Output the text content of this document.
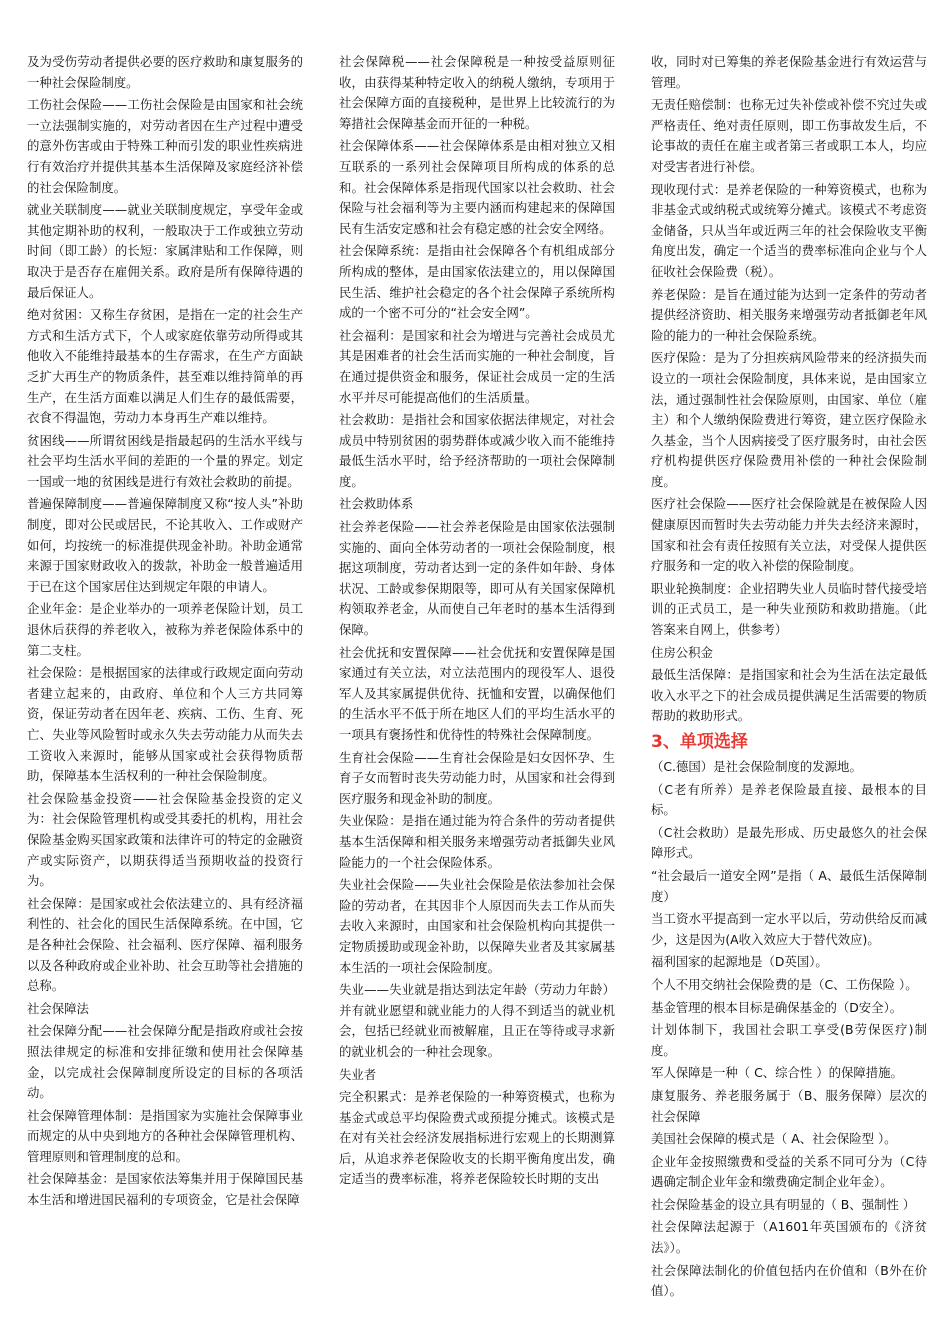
及为受伤劳动者提供必要的医疗救助和康复服务的一种社会保险制度。

工伤社会保险——工伤社会保险是由国家和社会统一立法强制实施的，对劳动者因在生产过程中遭受的意外伤害或由于特殊工种而引发的职业性疾病进行有效治疗并提供其基本生活保障及家庭经济补偿的社会保险制度。

就业关联制度——就业关联制度规定，享受年金或其他定期补助的权利，一般取决于工作或独立劳动时间（即工龄）的长短：家属津贴和工作保障，则取决于是否存在雇佣关系。政府是所有保障待遇的最后保证人。

绝对贫困：又称生存贫困，是指在一定的社会生产方式和生活方式下，个人或家庭依靠劳动所得或其他收入不能维持最基本的生存需求，在生产方面缺乏扩大再生产的物质条件，甚至难以维持简单的再生产，在生活方面难以满足人们生存的最低需要，衣食不得温饱，劳动力本身再生产难以维持。

贫困线——所谓贫困线是指最起码的生活水平线与社会平均生活水平间的差距的一个量的界定。划定一国或一地的贫困线是进行有效社会救助的前提。

普遍保障制度——普遍保障制度又称“按人头”补助制度，即对公民或居民，不论其收入、工作或财产如何，均按统一的标准提供现金补助。补助金通常来源于国家财政收入的拨款，补助金一般普遍适用于已在这个国家居住达到规定年限的申请人。

企业年金：是企业举办的一项养老保险计划，员工退休后获得的养老收入，被称为养老保险体系中的第二支柱。

社会保险：是根据国家的法律或行政规定面向劳动者建立起来的，由政府、单位和个人三方共同筹资，保证劳动者在因年老、疾病、工伤、生育、死亡、失业等风险暂时或永久失去劳动能力从而失去工资收入来源时，能够从国家或社会获得物质帮助，保障基本生活权利的一种社会保险制度。

社会保险基金投资——社会保险基金投资的定义为：社会保险管理机构或受其委托的机构，用社会保险基金购买国家政策和法律许可的特定的金融资产或实际资产，以期获得适当预期收益的投资行为。

社会保障：是国家或社会依法建立的、具有经济福利性的、社会化的国民生活保障系统。在中国，它是各种社会保险、社会福利、医疗保障、福利服务以及各种政府或企业补助、社会互助等社会措施的总称。

社会保障法

社会保障分配——社会保障分配是指政府或社会按照法律规定的标准和安排征缴和使用社会保障基金，以完成社会保障制度所设定的目标的各项活动。

社会保障管理体制：是指国家为实施社会保障事业而规定的从中央到地方的各种社会保障管理机构、管理原则和管理制度的总和。

社会保障基金：是国家依法筹集并用于保障国民基本生活和增进国民福利的专项资金，它是社会保障

社会保障税——社会保障税是一种按受益原则征收，由获得某种特定收入的纳税人缴纳，专项用于社会保障方面的直接税种，是世界上比较流行的为筹措社会保障基金而开征的一种税。

社会保障体系——社会保障体系是由相对独立又相互联系的一系列社会保障项目所构成的体系的总和。社会保障体系是指现代国家以社会救助、社会保险与社会福利等为主要内涵而构建起来的保障国民有生活安定感和社会有稳定感的社会安全网络。

社会保障系统：是指由社会保障各个有机组成部分所构成的整体，是由国家依法建立的，用以保障国民生活、维护社会稳定的各个社会保障子系统所构成的一个密不可分的“社会安全网”。

社会福利：是国家和社会为增进与完善社会成员尤其是困难者的社会生活而实施的一种社会制度，旨在通过提供资金和服务，保证社会成员一定的生活水平并尽可能提高他们的生活质量。

社会救助：是指社会和国家依据法律规定，对社会成员中特别贫困的弱势群体或减少收入而不能维持最低生活水平时，给予经济帮助的一项社会保障制度。

社会救助体系

社会养老保险——社会养老保险是由国家依法强制实施的、面向全体劳动者的一项社会保险制度，根据这项制度，劳动者达到一定的条件如年龄、身体状况、工龄或参保期限等，即可从有关国家保障机构领取养老金，从而使自己年老时的基本生活得到保障。

社会优抚和安置保障——社会优抚和安置保障是国家通过有关立法，对立法范围内的现役军人、退役军人及其家属提供优待、抚恤和安置，以确保他们的生活水平不低于所在地区人们的平均生活水平的一项具有褒扬性和优待性的特殊社会保障制度。

生育社会保险——生育社会保险是妇女因怀孕、生育子女而暂时丧失劳动能力时，从国家和社会得到医疗服务和现金补助的制度。

失业保险：是指在通过能为符合条件的劳动者提供基本生活保障和相关服务来增强劳动者抵御失业风险能力的一个社会保险体系。

失业社会保险——失业社会保险是依法参加社会保险的劳动者，在其因非个人原因而失去工作从而失去收入来源时，由国家和社会保险机构向其提供一定物质援助或现金补助，以保障失业者及其家属基本生活的一项社会保险制度。

失业——失业就是指达到法定年龄（劳动力年龄）并有就业愿望和就业能力的人得不到适当的就业机会，包括已经就业而被解雇，且正在等待或寻求新的就业机会的一种社会现象。

失业者

完全积累式：是养老保险的一种筹资模式，也称为基金式或总平均保险费式或预提分摊式。该模式是在对有关社会经济发展指标进行宏观上的长期测算后，从追求养老保险收支的长期平衡角度出发，确定适当的费率标准，将养老保险较长时期的支出

收，同时对已筹集的养老保险基金进行有效运营与管理。

无责任赔偿制：也称无过失补偿或补偿不究过失或严格责任、绝对责任原则，即工伤事故发生后，不论事故的责任在雇主或者第三者或职工本人，均应对受害者进行补偿。

现收现付式：是养老保险的一种筹资模式，也称为非基金式或纳税式或统筹分摊式。该模式不考虑资金储备，只从当年或近两三年的社会保险收支平衡角度出发，确定一个适当的费率标准向企业与个人征收社会保险费（税）。

养老保险：是旨在通过能为达到一定条件的劳动者提供经济资助、相关服务来增强劳动者抵御老年风险的能力的一种社会保险系统。

医疗保险：是为了分担疾病风险带来的经济损失而设立的一项社会保险制度，具体来说，是由国家立法，通过强制性社会保险原则，由国家、单位（雇主）和个人缴纳保险费进行筹资，建立医疗保险永久基金，当个人因病接受了医疗服务时，由社会医疗机构提供医疗保险费用补偿的一种社会保险制度。

医疗社会保险——医疗社会保险就是在被保险人因健康原因而暂时失去劳动能力并失去经济来源时，国家和社会有责任按照有关立法，对受保人提供医疗服务和一定的收入补偿的保险制度。

职业轮换制度：企业招聘失业人员临时替代接受培训的正式员工，是一种失业预防和救助措施。（此答案来自网上，供参考）

住房公积金

最低生活保障：是指国家和社会为生活在法定最低收入水平之下的社会成员提供满足生活需要的物质帮助的救助形式。

3、单项选择

（C.德国）是社会保险制度的发源地。

（C老有所养）是养老保险最直接、最根本的目标。

（C社会救助）是最先形成、历史最悠久的社会保障形式。

“社会最后一道安全网”是指（ A、最低生活保障制度）

当工资水平提高到一定水平以后，劳动供给反而减少，这是因为(A收入效应大于替代效应)。

福利国家的起源地是（D英国）。

个人不用交纳社会保险费的是（C、工伤保险 ）。

基金管理的根本目标是确保基金的（D安全）。

计划体制下，我国社会职工享受(B劳保医疗)制度。

军人保障是一种（ C、综合性 ）的保障措施。

康复服务、养老服务属于（B、服务保障）层次的社会保障

美国社会保障的模式是（ A、社会保险型 ）。

企业年金按照缴费和受益的关系不同可分为（C待遇确定制企业年金和缴费确定制企业年金）。

社会保险基金的设立具有明显的（ B、强制性 ）

社会保障法起源于（A1601年英国颁布的《济贫法》）。

社会保障法制化的价值包括内在价值和（B外在价值）。
